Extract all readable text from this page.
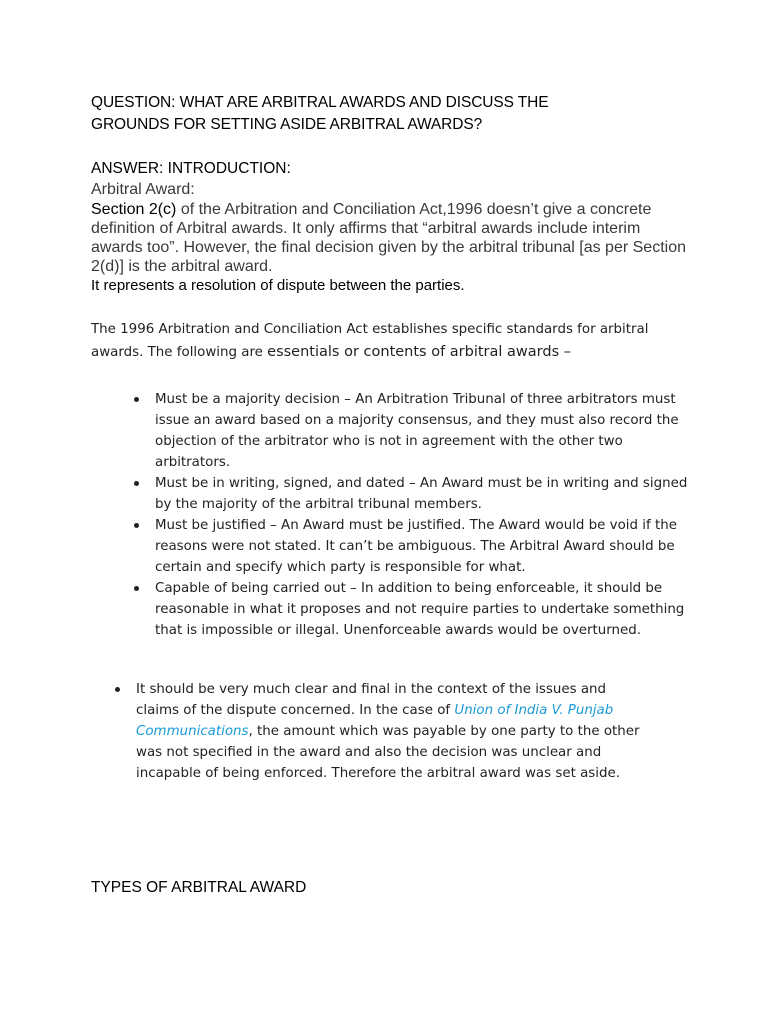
QUESTION: WHAT ARE ARBITRAL AWARDS AND DISCUSS THE
GROUNDS FOR SETTING ASIDE ARBITRAL AWARDS?
ANSWER: INTRODUCTION:
Arbitral Award:
Section 2(c) of the Arbitration and Conciliation Act,1996 doesn’t give a concrete definition of Arbitral awards. It only affirms that “arbitral awards include interim awards too”. However, the final decision given by the arbitral tribunal [as per Section 2(d)] is the arbitral award.
It represents a resolution of dispute between the parties.
The 1996 Arbitration and Conciliation Act establishes specific standards for arbitral awards. The following are essentials or contents of arbitral awards –
Must be a majority decision – An Arbitration Tribunal of three arbitrators must issue an award based on a majority consensus, and they must also record the objection of the arbitrator who is not in agreement with the other two arbitrators.
Must be in writing, signed, and dated – An Award must be in writing and signed by the majority of the arbitral tribunal members.
Must be justified – An Award must be justified. The Award would be void if the reasons were not stated. It can’t be ambiguous. The Arbitral Award should be certain and specify which party is responsible for what.
Capable of being carried out – In addition to being enforceable, it should be reasonable in what it proposes and not require parties to undertake something that is impossible or illegal. Unenforceable awards would be overturned.
It should be very much clear and final in the context of the issues and claims of the dispute concerned. In the case of Union of India V. Punjab Communications, the amount which was payable by one party to the other was not specified in the award and also the decision was unclear and incapable of being enforced. Therefore the arbitral award was set aside.
TYPES OF ARBITRAL AWARD
